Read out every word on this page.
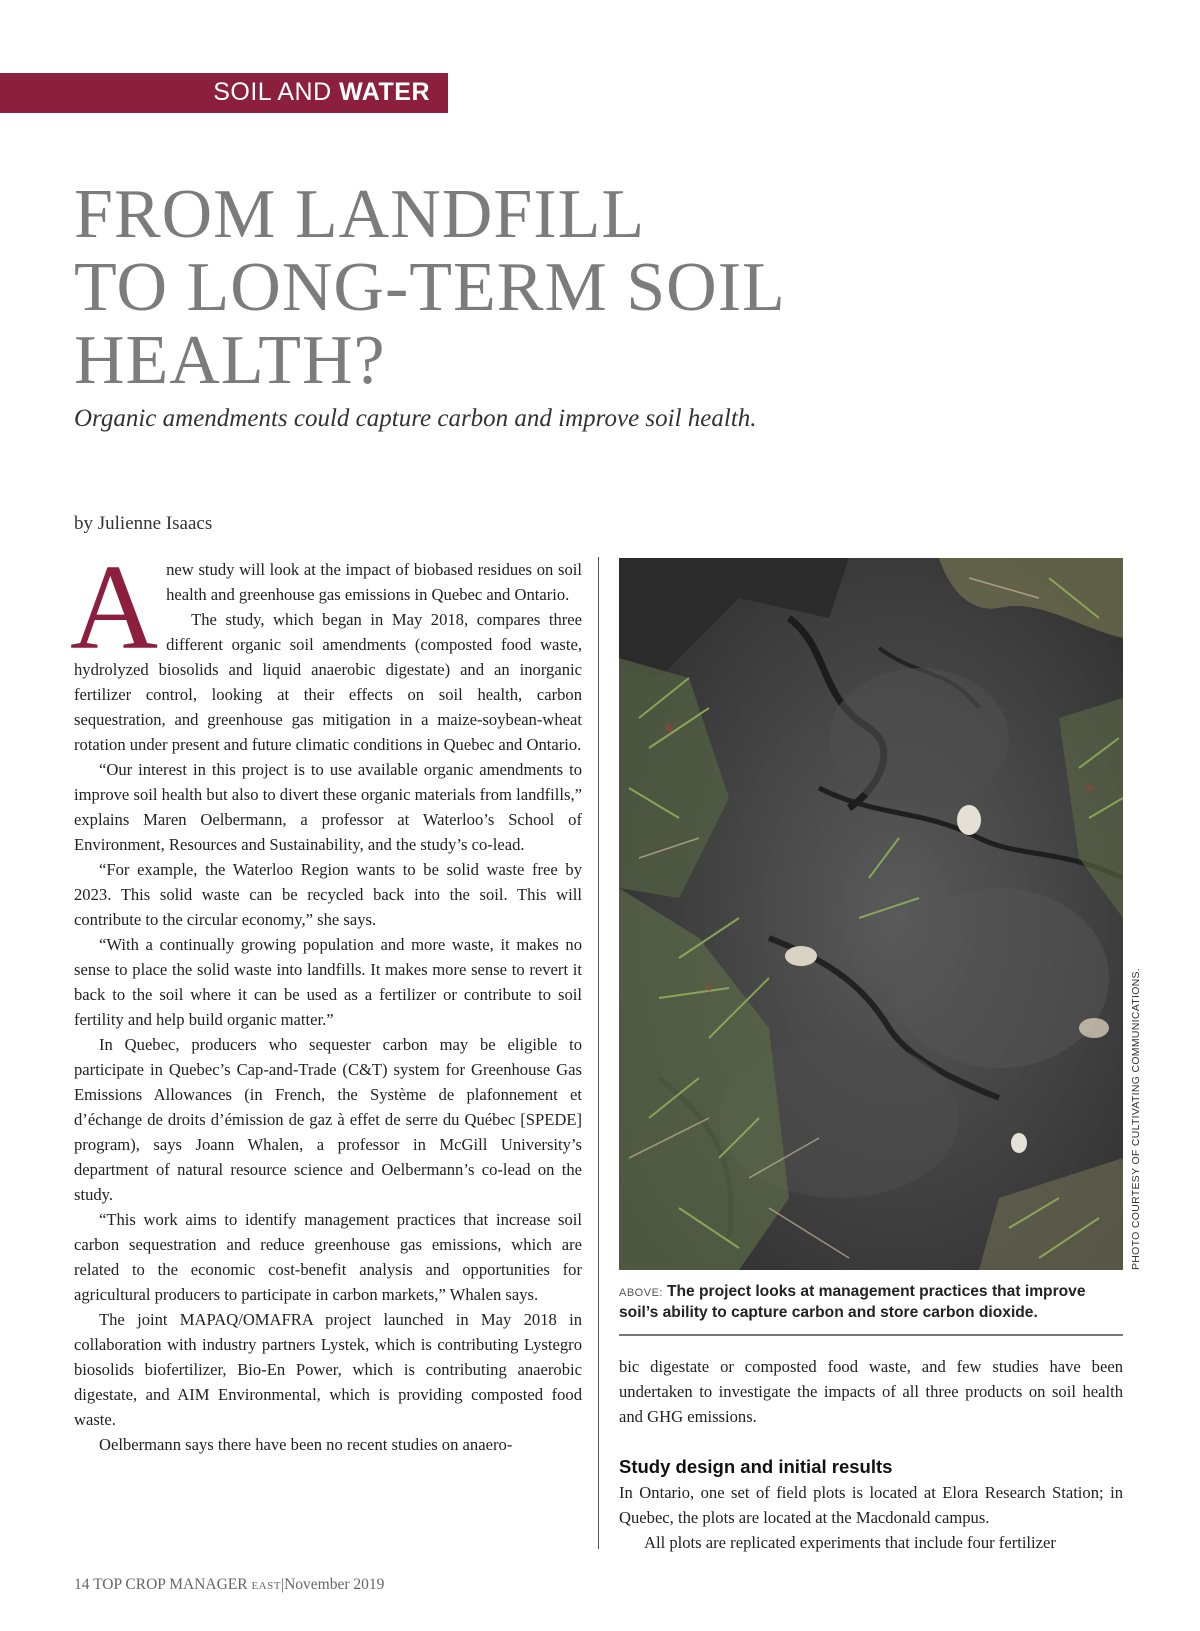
SOIL AND WATER
FROM LANDFILL
TO LONG-TERM SOIL
HEALTH?
Organic amendments could capture carbon and improve soil health.
by Julienne Isaacs
A new study will look at the impact of biobased residues on soil health and greenhouse gas emissions in Quebec and Ontario.

The study, which began in May 2018, compares three different organic soil amendments (composted food waste, hydrolyzed biosolids and liquid anaerobic digestate) and an inorganic fertilizer control, looking at their effects on soil health, carbon sequestration, and greenhouse gas mitigation in a maize-soybean-wheat rotation under present and future climatic conditions in Quebec and Ontario.

“Our interest in this project is to use available organic amendments to improve soil health but also to divert these organic materials from landfills,” explains Maren Oelbermann, a professor at Waterloo’s School of Environment, Resources and Sustainability, and the study’s co-lead.

“For example, the Waterloo Region wants to be solid waste free by 2023. This solid waste can be recycled back into the soil. This will contribute to the circular economy,” she says.

“With a continually growing population and more waste, it makes no sense to place the solid waste into landfills. It makes more sense to revert it back to the soil where it can be used as a fertilizer or contribute to soil fertility and help build organic matter.”

In Quebec, producers who sequester carbon may be eligible to participate in Quebec’s Cap-and-Trade (C&T) system for Greenhouse Gas Emissions Allowances (in French, the Système de plafonnement et d’échange de droits d’émission de gaz à effet de serre du Québec [SPEDE] program), says Joann Whalen, a professor in McGill University’s department of natural resource science and Oelbermann’s co-lead on the study.

“This work aims to identify management practices that increase soil carbon sequestration and reduce greenhouse gas emissions, which are related to the economic cost-benefit analysis and opportunities for agricultural producers to participate in carbon markets,” Whalen says.

The joint MAPAQ/OMAFRA project launched in May 2018 in collaboration with industry partners Lystek, which is contributing Lystegro biosolids biofertilizer, Bio-En Power, which is contributing anaerobic digestate, and AIM Environmental, which is providing composted food waste.

Oelbermann says there have been no recent studies on anaero-

PHOTO COURTESY OF CULTIVATING COMMUNICATIONS.
ABOVE: The project looks at management practices that improve soil’s ability to capture carbon and store carbon dioxide.

bic digestate or composted food waste, and few studies have been undertaken to investigate the impacts of all three products on soil health and GHG emissions.

Study design and initial results

In Ontario, one set of field plots is located at Elora Research Station; in Quebec, the plots are located at the Macdonald campus.

All plots are replicated experiments that include four fertilizer

14 TOP CROP MANAGER EAST|November 2019
